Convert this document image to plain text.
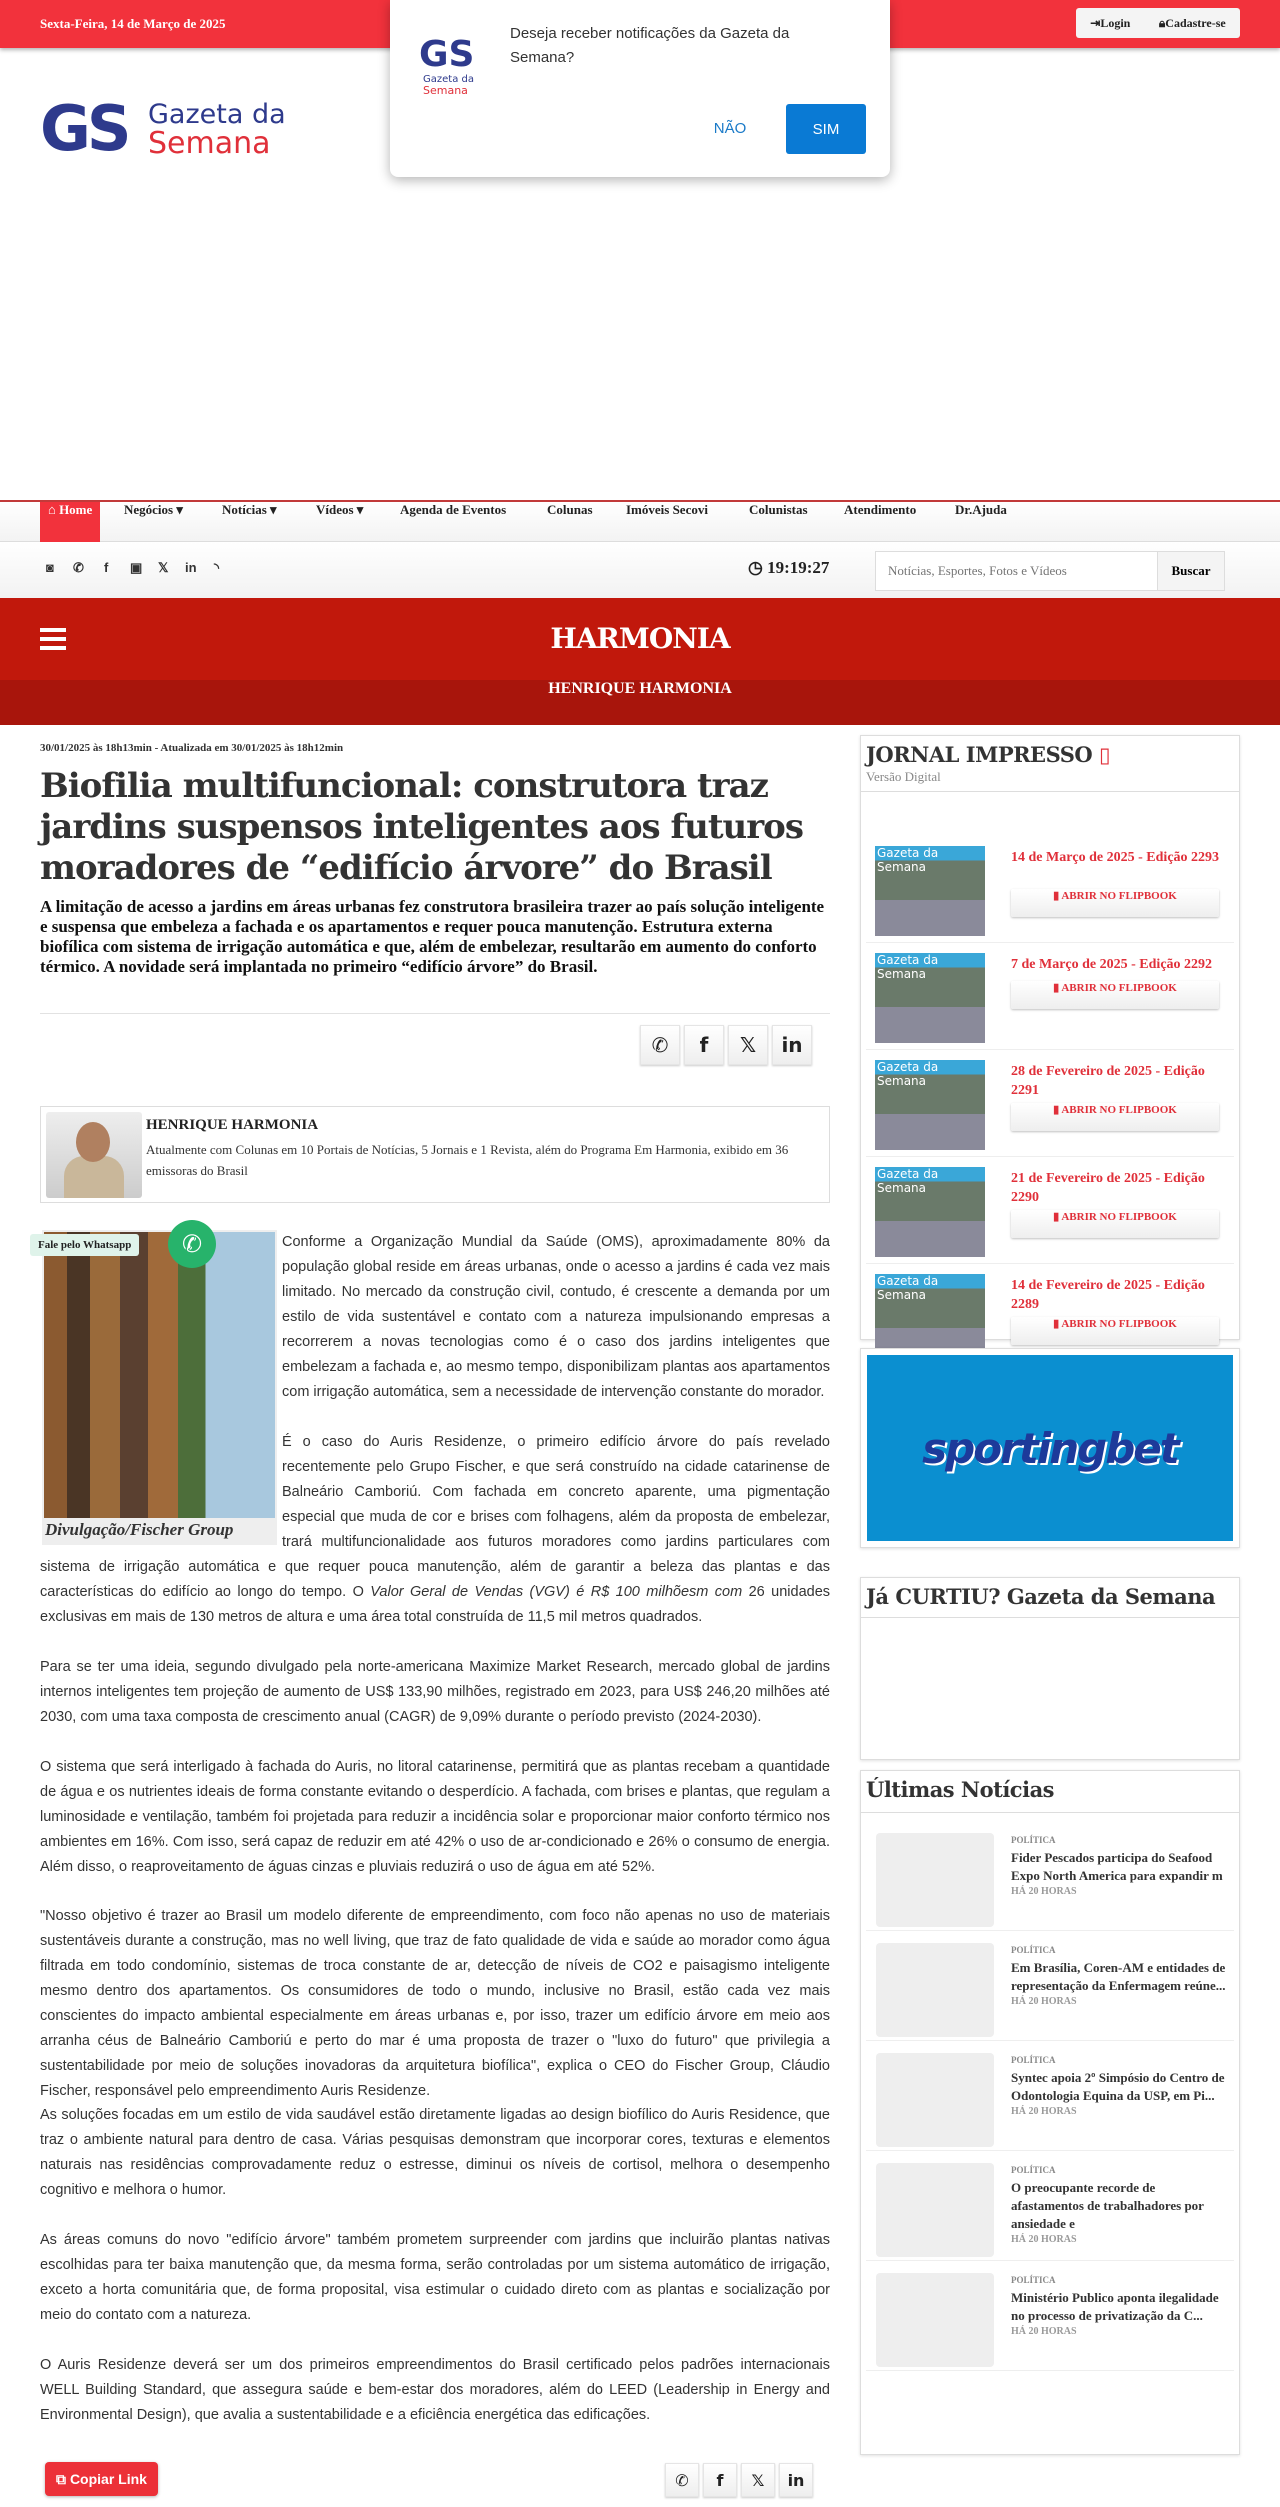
Sexta-Feira, 14 de Março de 2025	⇥Login 🔒︎Cadastre-se
GS
Gazeta da
Semana
Deseja receber notificações da Gazeta da Semana?
NÃO	SIM
GS Gazeta da
Semana
⌂ Home	Negócios ▾	Notícias ▾	Vídeos ▾	Agenda de Eventos	Colunas	Imóveis Secovi	Colunistas	Atendimento	Dr.Ajuda
◙ ✆ f ▣ 𝕏 in ◝	◷ 19:19:27
Notícias, Esportes, Fotos e Vídeos	Buscar
HARMONIA
HENRIQUE HARMONIA
30/01/2025 às 18h13min - Atualizada em 30/01/2025 às 18h12min
Biofilia multifuncional: construtora traz jardins suspensos inteligentes aos futuros moradores de “edifício árvore” do Brasil

A limitação de acesso a jardins em áreas urbanas fez construtora brasileira trazer ao país solução inteligente e suspensa que embeleza a fachada e os apartamentos e requer pouca manutenção. Estrutura externa biofílica com sistema de irrigação automática e que, além de embelezar, resultarão em aumento do conforto térmico. A novidade será implantada no primeiro “edifício árvore” do Brasil.

✆	f	𝕏	in
HENRIQUE HARMONIA
Atualmente com Colunas em 10 Portais de Notícias, 5 Jornais e 1 Revista, além do Programa Em Harmonia, exibido em 36 emissoras do Brasil

Conforme a Organização Mundial da Saúde (OMS), aproximadamente 80% da população global reside em áreas urbanas, onde o acesso a jardins é cada vez mais limitado. No mercado da construção civil, contudo, é crescente a demanda por um estilo de vida sustentável e contato com a natureza impulsionando empresas a recorrerem a novas tecnologias como é o caso dos jardins inteligentes que embelezam a fachada e, ao mesmo tempo, disponibilizam plantas aos apartamentos com irrigação automática, sem a necessidade de intervenção constante do morador.

É o caso do Auris Residenze, o primeiro edifício árvore do país revelado recentemente pelo Grupo Fischer, e que será construído na cidade catarinense de Balneário Camboriú. Com fachada em concreto aparente, uma pigmentação especial que muda de cor e brises com folhagens, além da proposta de embelezar, trará multifuncionalidade aos futuros moradores como jardins particulares com sistema de irrigação automática e que requer pouca manutenção, além de garantir a beleza das plantas e das características do edifício ao longo do tempo. O Valor Geral de Vendas (VGV) é R$ 100 milhõesm com 26 unidades exclusivas em mais de 130 metros de altura e uma área total construída de 11,5 mil metros quadrados.

Divulgação/Fischer Group
Fale pelo Whatsapp	✆

Para se ter uma ideia, segundo divulgado pela norte-americana Maximize Market Research, mercado global de jardins internos inteligentes tem projeção de aumento de US$ 133,90 milhões, registrado em 2023, para US$ 246,20 milhões até 2030, com uma taxa composta de crescimento anual (CAGR) de 9,09% durante o período previsto (2024-2030).

O sistema que será interligado à fachada do Auris, no litoral catarinense, permitirá que as plantas recebam a quantidade de água e os nutrientes ideais de forma constante evitando o desperdício. A fachada, com brises e plantas, que regulam a luminosidade e ventilação, também foi projetada para reduzir a incidência solar e proporcionar maior conforto térmico nos ambientes em 16%. Com isso, será capaz de reduzir em até 42% o uso de ar-condicionado e 26% o consumo de energia. Além disso, o reaproveitamento de águas cinzas e pluviais reduzirá o uso de água em até 52%.

"Nosso objetivo é trazer ao Brasil um modelo diferente de empreendimento, com foco não apenas no uso de materiais sustentáveis durante a construção, mas no well living, que traz de fato qualidade de vida e saúde ao morador como água filtrada em todo condomínio, sistemas de troca constante de ar, detecção de níveis de CO2 e paisagismo inteligente mesmo dentro dos apartamentos. Os consumidores de todo o mundo, inclusive no Brasil, estão cada vez mais conscientes do impacto ambiental especialmente em áreas urbanas e, por isso, trazer um edifício árvore em meio aos arranha céus de Balneário Camboriú e perto do mar é uma proposta de trazer o "luxo do futuro" que privilegia a sustentabilidade por meio de soluções inovadoras da arquitetura biofílica", explica o CEO do Fischer Group, Cláudio Fischer, responsável pelo empreendimento Auris Residenze.

As soluções focadas em um estilo de vida saudável estão diretamente ligadas ao design biofílico do Auris Residence, que traz o ambiente natural para dentro de casa. Várias pesquisas demonstram que incorporar cores, texturas e elementos naturais nas residências comprovadamente reduz o estresse, diminui os níveis de cortisol, melhora o desempenho cognitivo e melhora o humor.

As áreas comuns do novo "edifício árvore" também prometem surpreender com jardins que incluirão plantas nativas escolhidas para ter baixa manutenção que, da mesma forma, serão controladas por um sistema automático de irrigação, exceto a horta comunitária que, de forma proposital, visa estimular o cuidado direto com as plantas e socialização por meio do contato com a natureza.

O Auris Residenze deverá ser um dos primeiros empreendimentos do Brasil certificado pelos padrões internacionais WELL Building Standard, que assegura saúde e bem-estar dos moradores, além do LEED (Leadership in Energy and Environmental Design), que avalia a sustentabilidade e a eficiência energética das edificações.

⧉ Copiar Link	✆	f	𝕏	in
JORNAL IMPRESSO ▯
Versão Digital
Gazeta da Semana
14 de Março de 2025 - Edição 2293
▮ ABRIR NO FLIPBOOK
Gazeta da Semana
7 de Março de 2025 - Edição 2292
▮ ABRIR NO FLIPBOOK
Gazeta da Semana
28 de Fevereiro de 2025 - Edição 2291
▮ ABRIR NO FLIPBOOK
Gazeta da Semana
21 de Fevereiro de 2025 - Edição 2290
▮ ABRIR NO FLIPBOOK
Gazeta da Semana
14 de Fevereiro de 2025 - Edição 2289
▮ ABRIR NO FLIPBOOK
sportingbet
Já CURTIU? Gazeta da Semana
Últimas Notícias
POLÍTICA
Fider Pescados participa do Seafood Expo North America para expandir m
HÁ 20 HORAS
POLÍTICA
Em Brasília, Coren-AM e entidades de representação da Enfermagem reúne...
HÁ 20 HORAS
POLÍTICA
Syntec apoia 2º Simpósio do Centro de Odontologia Equina da USP, em Pi...
HÁ 20 HORAS
POLÍTICA
O preocupante recorde de afastamentos de trabalhadores por ansiedade e
HÁ 20 HORAS
POLÍTICA
Ministério Publico aponta ilegalidade no processo de privatização da C...
HÁ 20 HORAS
